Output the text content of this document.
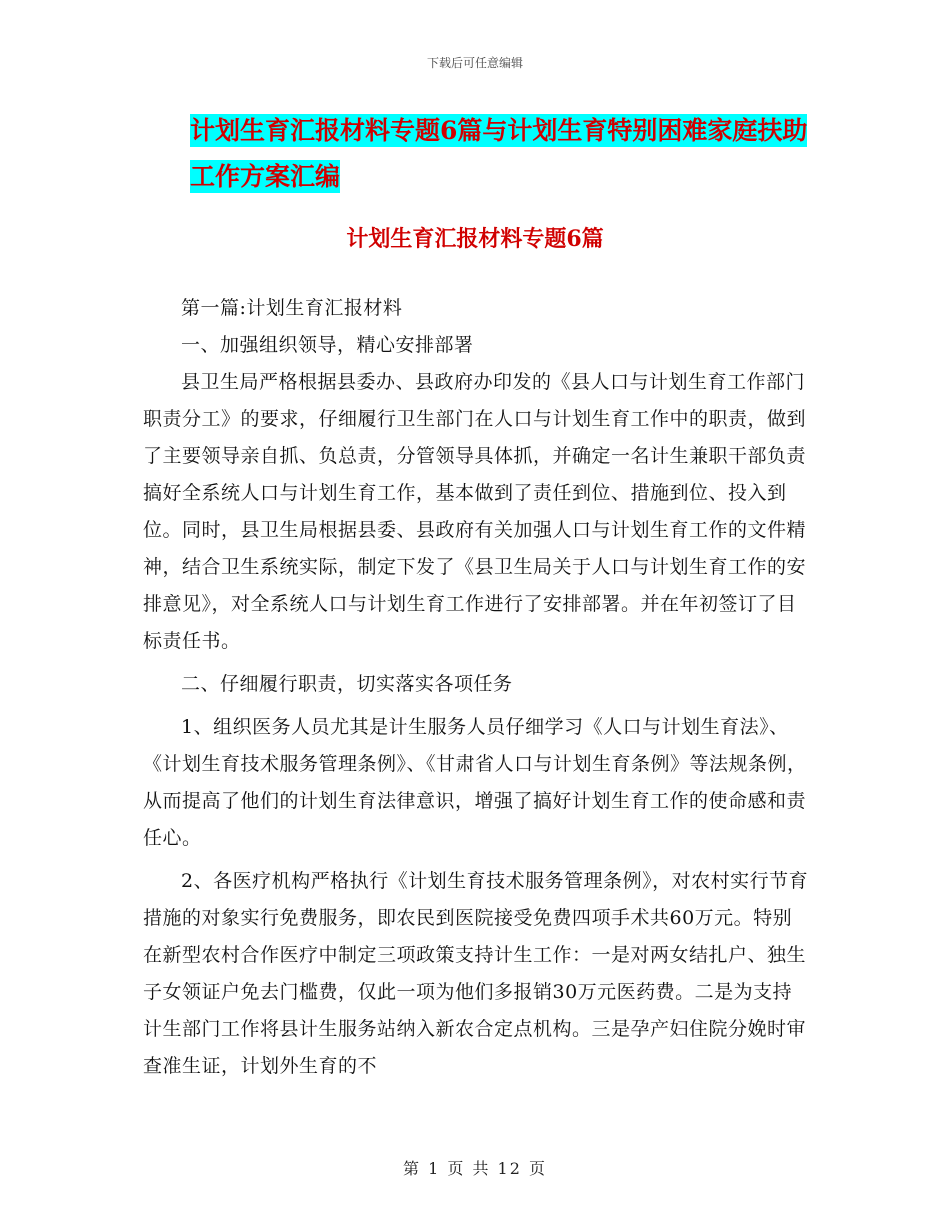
下载后可任意编辑
计划生育汇报材料专题6篇与计划生育特别困难家庭扶助工作方案汇编
计划生育汇报材料专题6篇

第一篇:计划生育汇报材料

一、加强组织领导，精心安排部署

县卫生局严格根据县委办、县政府办印发的《县人口与计划生育工作部门职责分工》的要求，仔细履行卫生部门在人口与计划生育工作中的职责，做到了主要领导亲自抓、负总责，分管领导具体抓，并确定一名计生兼职干部负责搞好全系统人口与计划生育工作，基本做到了责任到位、措施到位、投入到位。同时，县卫生局根据县委、县政府有关加强人口与计划生育工作的文件精神，结合卫生系统实际，制定下发了《县卫生局关于人口与计划生育工作的安排意见》，对全系统人口与计划生育工作进行了安排部署。并在年初签订了目标责任书。

二、仔细履行职责，切实落实各项任务

1、组织医务人员尤其是计生服务人员仔细学习《人口与计划生育法》、《计划生育技术服务管理条例》、《甘肃省人口与计划生育条例》等法规条例，从而提高了他们的计划生育法律意识，增强了搞好计划生育工作的使命感和责任心。

2、各医疗机构严格执行《计划生育技术服务管理条例》，对农村实行节育措施的对象实行免费服务，即农民到医院接受免费四项手术共60万元。特别在新型农村合作医疗中制定三项政策支持计生工作：一是对两女结扎户、独生子女领证户免去门槛费，仅此一项为他们多报销30万元医药费。二是为支持计生部门工作将县计生服务站纳入新农合定点机构。三是孕产妇住院分娩时审查准生证，计划外生育的不

第 1 页 共 12 页
